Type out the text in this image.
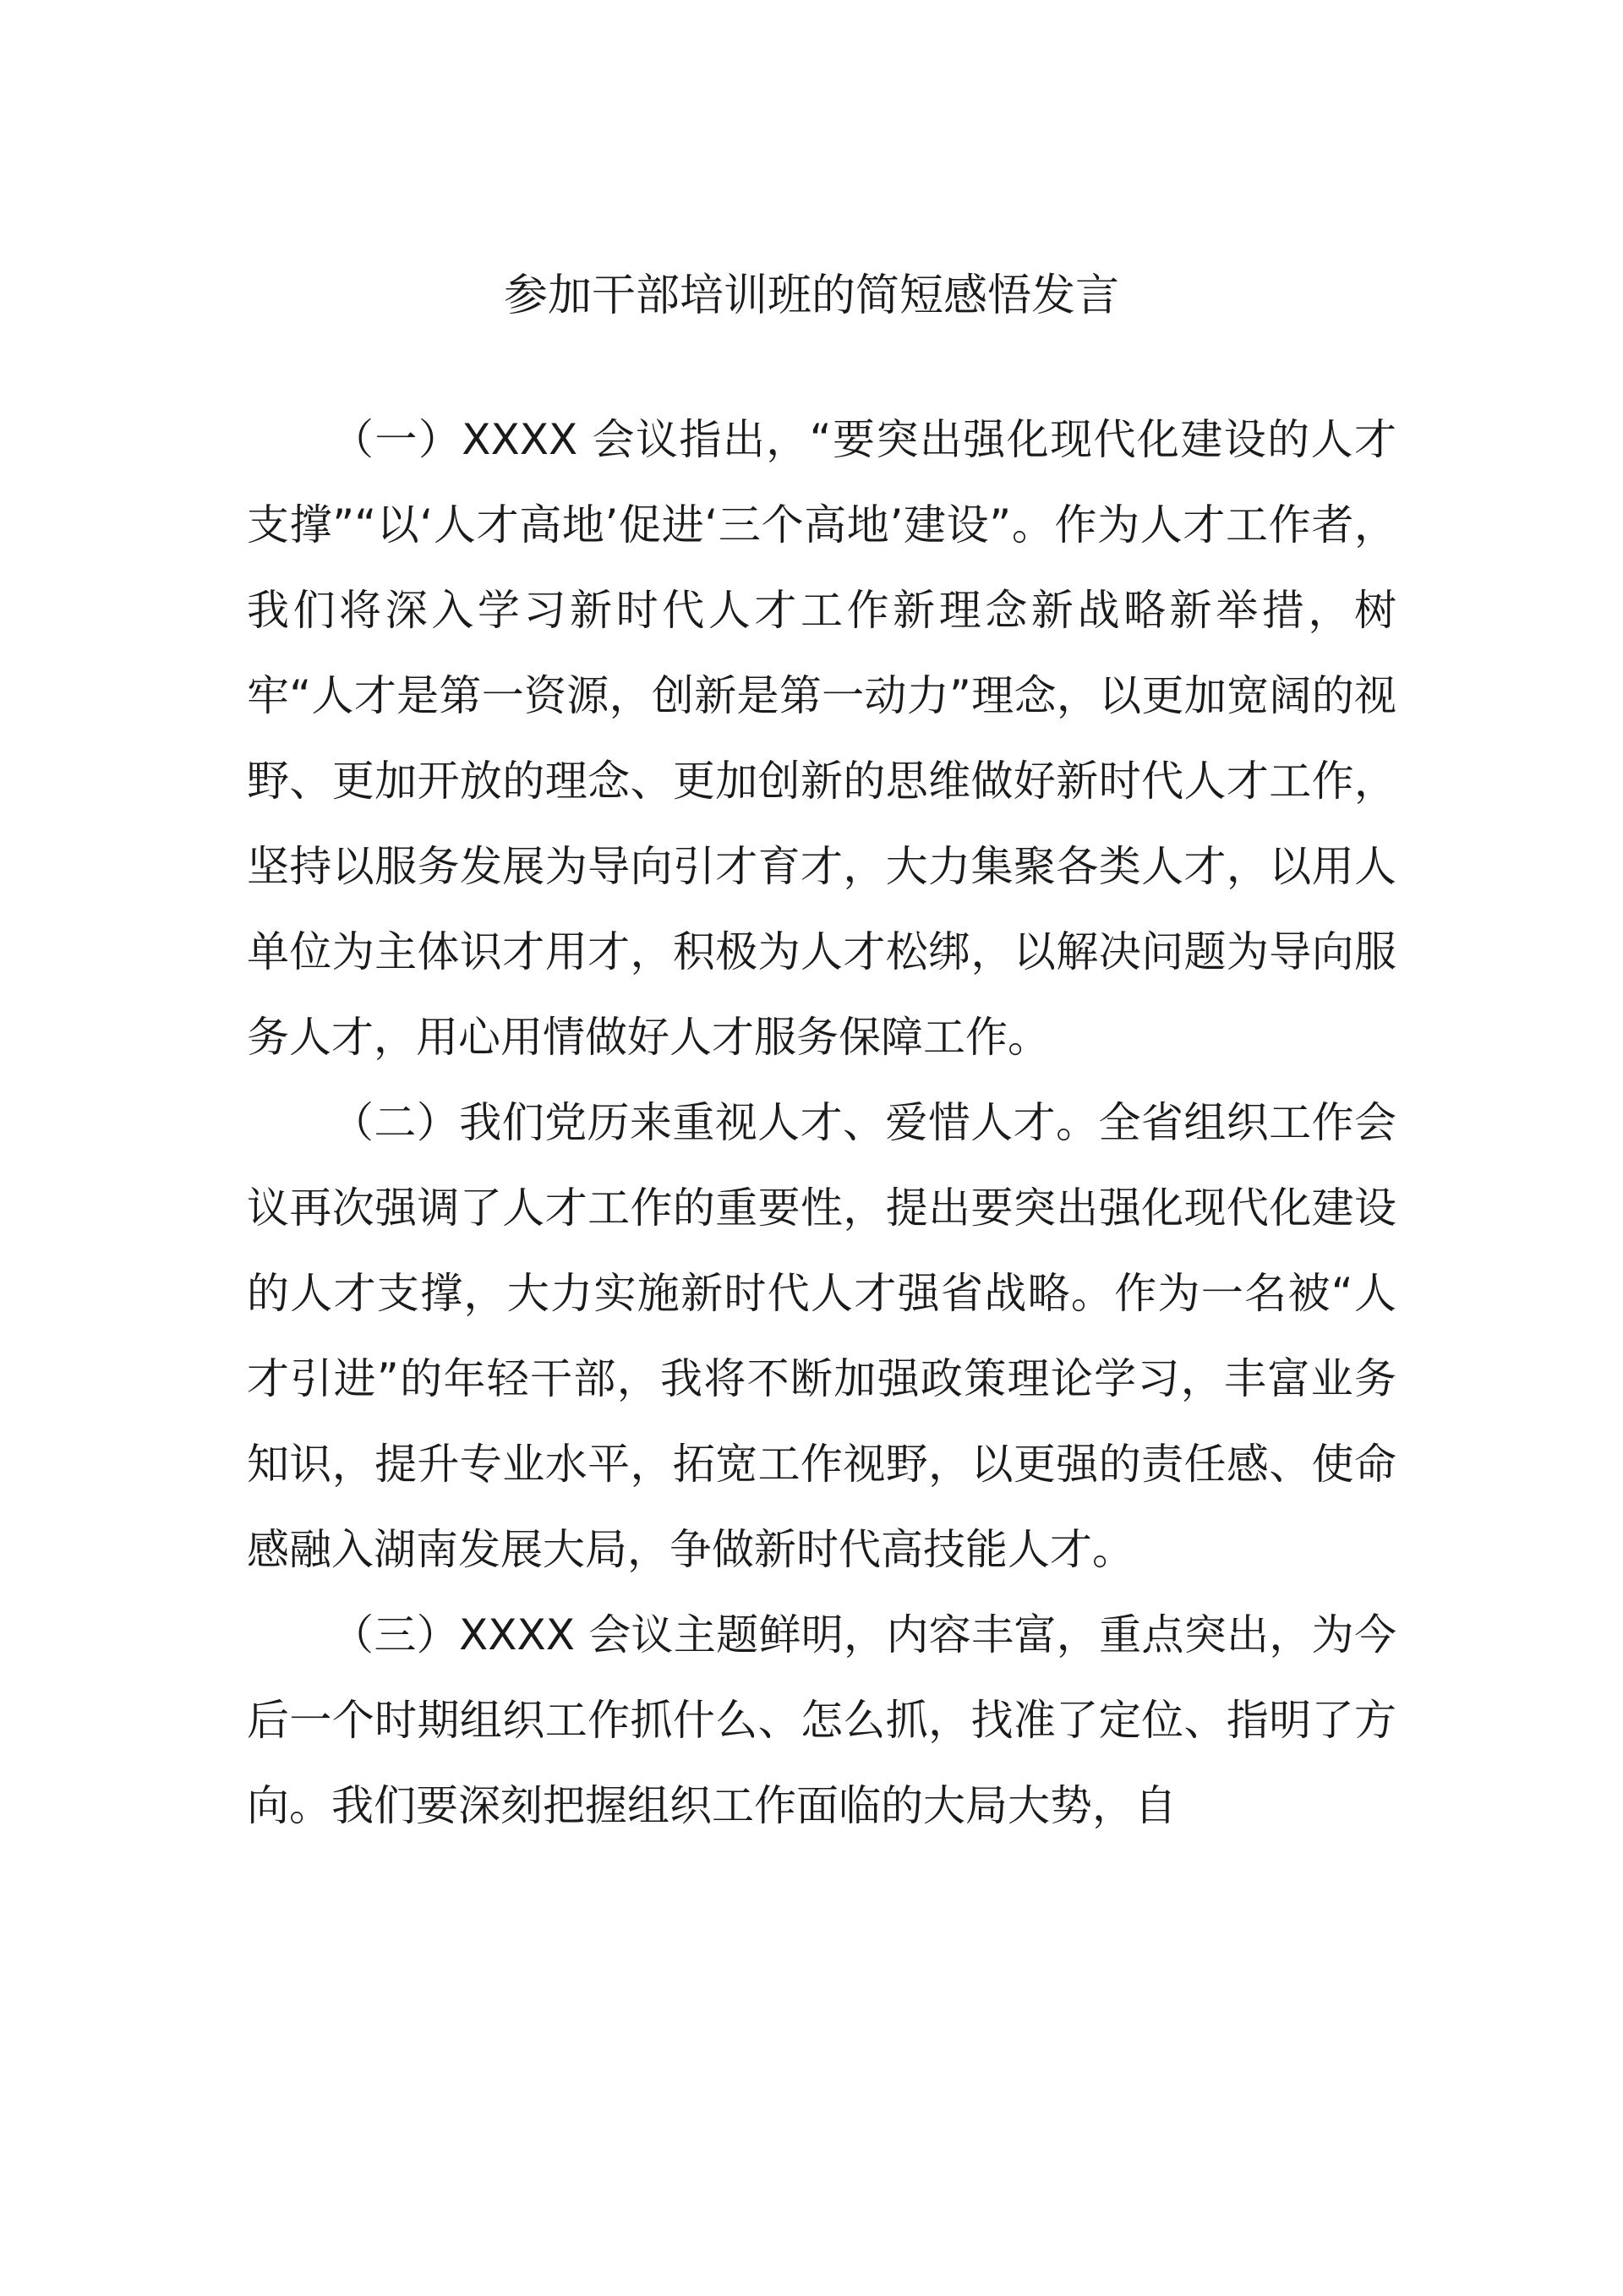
参加干部培训班的简短感悟发言

（一）XXXX 会议指出，“要突出强化现代化建设的人才支撑”“以‘人才高地’促进‘三个高地’建设”。作为人才工作者，我们将深入学习新时代人才工作新理念新战略新举措，树牢“人才是第一资源，创新是第一动力”理念，以更加宽阔的视野、更加开放的理念、更加创新的思维做好新时代人才工作，坚持以服务发展为导向引才育才，大力集聚各类人才，以用人单位为主体识才用才，积极为人才松绑，以解决问题为导向服务人才，用心用情做好人才服务保障工作。

（二）我们党历来重视人才、爱惜人才。全省组织工作会议再次强调了人才工作的重要性，提出要突出强化现代化建设的人才支撑，大力实施新时代人才强省战略。作为一名被“人才引进”的年轻干部，我将不断加强政策理论学习，丰富业务知识，提升专业水平，拓宽工作视野，以更强的责任感、使命感融入湖南发展大局，争做新时代高技能人才。

（三）XXXX 会议主题鲜明，内容丰富，重点突出，为今后一个时期组织工作抓什么、怎么抓，找准了定位、指明了方向。我们要深刻把握组织工作面临的大局大势，自
